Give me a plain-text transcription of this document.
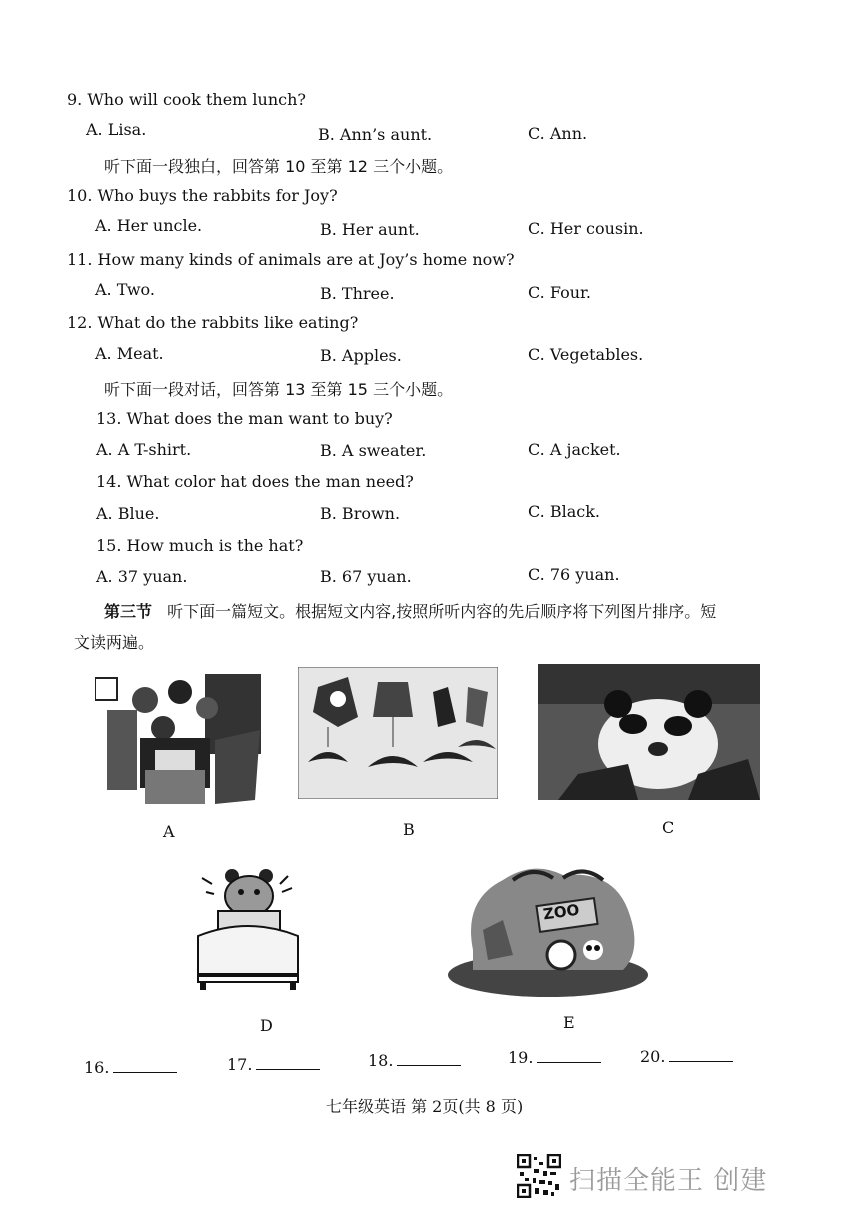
9. Who will cook them lunch?
A. Lisa.	B. Ann’s aunt.	C. Ann.
听下面一段独白，回答第 10 至第 12 三个小题。
10. Who buys the rabbits for Joy?
A. Her uncle.	B. Her aunt.	C. Her cousin.
11. How many kinds of animals are at Joy’s home now?
A. Two.	B. Three.	C. Four.
12. What do the rabbits like eating?
A. Meat.	B. Apples.	C. Vegetables.
听下面一段对话，回答第 13 至第 15 三个小题。
13. What does the man want to buy?
A. A T-shirt.	B. A sweater.	C. A jacket.
14. What color hat does the man need?
A. Blue.	B. Brown.	C. Black.
15. How much is the hat?
A. 37 yuan.	B. 67 yuan.	C. 76 yuan.
第三节 听下面一篇短文。根据短文内容,按照所听内容的先后顺序将下列图片排序。短
文读两遍。
A	B	C
D
ZOO
E
16.	17.	18.	19.	20.
七年级英语 第 2页(共 8 页)
扫描全能王 创建
